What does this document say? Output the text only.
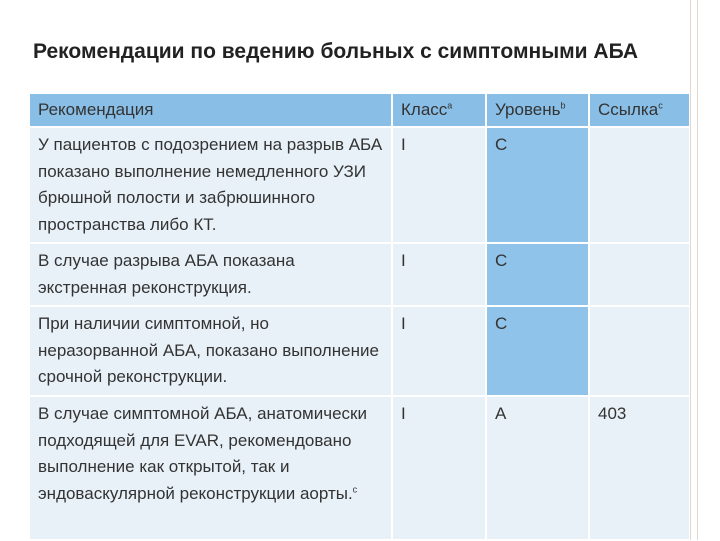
Рекомендации по ведению больных с симптомными АБА
Рекомендация	Класс$^a$	Уровень$^b$	Ссылка$^c$
У пациентов с подозрением на разрыв АБА показано выполнение немедленного УЗИ брюшной полости и забрюшинного пространства либо КТ.	I	C	
В случае разрыва АБА показана экстренная реконструкция.	I	C	
При наличии симптомной, но неразорванной АБА, показано выполнение срочной реконструкции.	I	C	
В случае симптомной АБА, анатомически подходящей для EVAR, рекомендовано выполнение как открытой, так и эндоваскулярной реконструкции аорты.$^c$	I	A	403
